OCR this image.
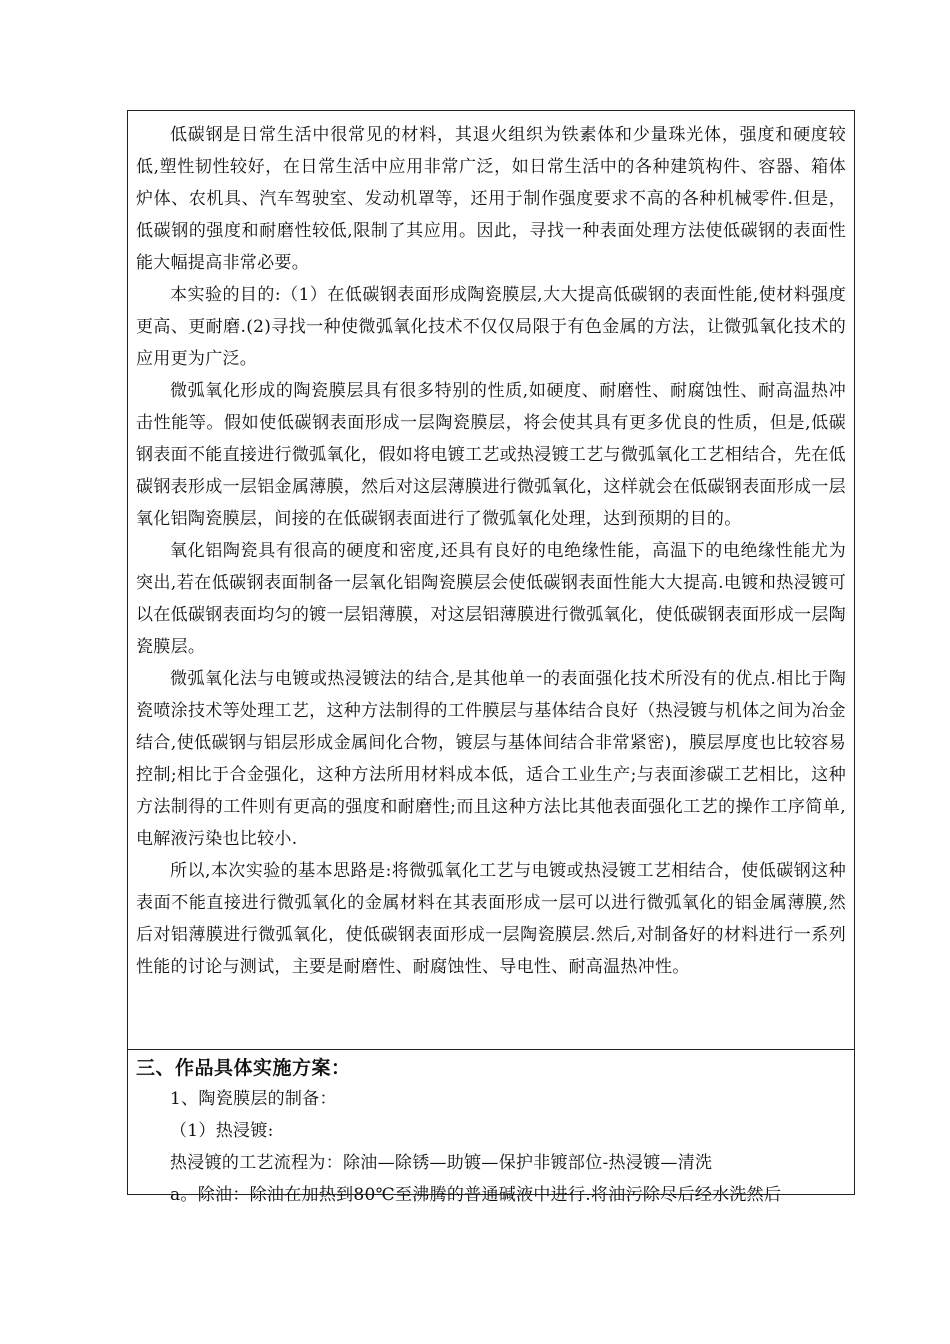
低碳钢是日常生活中很常见的材料，其退火组织为铁素体和少量珠光体，强度和硬度较低,塑性韧性较好，在日常生活中应用非常广泛，如日常生活中的各种建筑构件、容器、箱体炉体、农机具、汽车驾驶室、发动机罩等，还用于制作强度要求不高的各种机械零件.但是，低碳钢的强度和耐磨性较低,限制了其应用。因此，寻找一种表面处理方法使低碳钢的表面性能大幅提高非常必要。

本实验的目的:（1）在低碳钢表面形成陶瓷膜层,大大提高低碳钢的表面性能,使材料强度更高、更耐磨.(2)寻找一种使微弧氧化技术不仅仅局限于有色金属的方法，让微弧氧化技术的应用更为广泛。

微弧氧化形成的陶瓷膜层具有很多特别的性质,如硬度、耐磨性、耐腐蚀性、耐高温热冲击性能等。假如使低碳钢表面形成一层陶瓷膜层，将会使其具有更多优良的性质，但是,低碳钢表面不能直接进行微弧氧化，假如将电镀工艺或热浸镀工艺与微弧氧化工艺相结合，先在低碳钢表形成一层铝金属薄膜，然后对这层薄膜进行微弧氧化，这样就会在低碳钢表面形成一层氧化铝陶瓷膜层，间接的在低碳钢表面进行了微弧氧化处理，达到预期的目的。

氧化铝陶瓷具有很高的硬度和密度,还具有良好的电绝缘性能，高温下的电绝缘性能尤为突出,若在低碳钢表面制备一层氧化铝陶瓷膜层会使低碳钢表面性能大大提高.电镀和热浸镀可以在低碳钢表面均匀的镀一层铝薄膜，对这层铝薄膜进行微弧氧化，使低碳钢表面形成一层陶瓷膜层。

微弧氧化法与电镀或热浸镀法的结合,是其他单一的表面强化技术所没有的优点.相比于陶瓷喷涂技术等处理工艺，这种方法制得的工件膜层与基体结合良好（热浸镀与机体之间为冶金结合,使低碳钢与铝层形成金属间化合物，镀层与基体间结合非常紧密)，膜层厚度也比较容易控制;相比于合金强化，这种方法所用材料成本低，适合工业生产;与表面渗碳工艺相比，这种方法制得的工件则有更高的强度和耐磨性;而且这种方法比其他表面强化工艺的操作工序简单,电解液污染也比较小.

所以,本次实验的基本思路是:将微弧氧化工艺与电镀或热浸镀工艺相结合，使低碳钢这种表面不能直接进行微弧氧化的金属材料在其表面形成一层可以进行微弧氧化的铝金属薄膜,然后对铝薄膜进行微弧氧化，使低碳钢表面形成一层陶瓷膜层.然后,对制备好的材料进行一系列性能的讨论与测试，主要是耐磨性、耐腐蚀性、导电性、耐高温热冲性。

三、作品具体实施方案：

1、陶瓷膜层的制备：

（1）热浸镀:

热浸镀的工艺流程为：除油—除锈—助镀—保护非镀部位-热浸镀—清洗

a。除油：除油在加热到80℃至沸腾的普通碱液中进行.将油污除尽后经水洗然后
